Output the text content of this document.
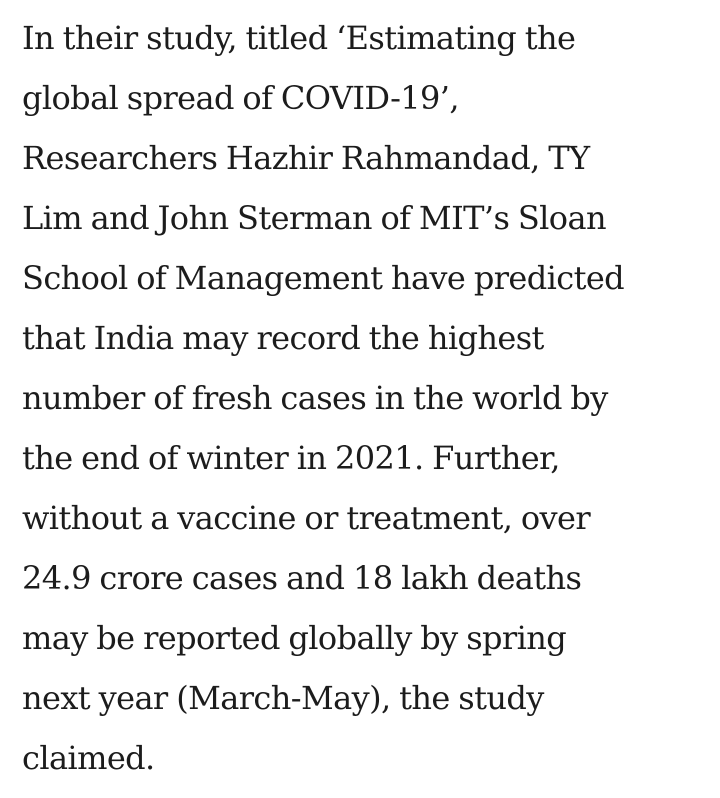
In their study, titled ‘Estimating the
global spread of COVID-19’,
Researchers Hazhir Rahmandad, TY
Lim and John Sterman of MIT’s Sloan
School of Management have predicted
that India may record the highest
number of fresh cases in the world by
the end of winter in 2021. Further,
without a vaccine or treatment, over
24.9 crore cases and 18 lakh deaths
may be reported globally by spring
next year (March-May), the study
claimed.
